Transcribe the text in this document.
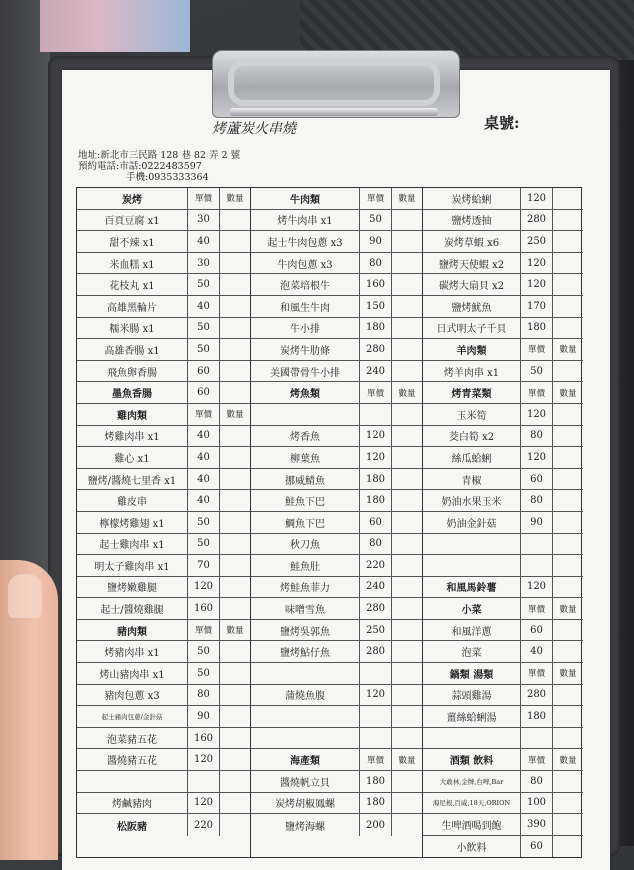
烤蘆炭火串燒	桌號:
地址:新北市三民路 128 巷 82 弄 2 號
預約電話:市話:0222483597
手機:0935333364
炭烤	單價	數量
百頁豆腐 x1	30
甜不辣 x1	40
米血糕 x1	30
花枝丸 x1	50
高雄黑輪片	40
糯米腸 x1	50
高雄香腸 x1	50
飛魚卵香腸	60
墨魚香腸	60
雞肉類	單價	數量
烤雞肉串 x1	40
雞心 x1	40
鹽烤/醬燒七里香 x1	40
雞皮串	40
檸檬烤雞翅 x1	50
起士雞肉串 x1	50
明太子雞肉串 x1	70
鹽烤嫩雞腿	120
起士/醬燒雞腿	160
豬肉類	單價	數量
烤豬肉串 x1	50
烤山豬肉串 x1	50
豬肉包蔥 x3	80
起士豬肉包蔥/金針菇	90
泡菜豬五花	160
醬燒豬五花	120
烤鹹豬肉	120
松阪豬	220
牛肉類	單價	數量
烤牛肉串 x1	50
起士牛肉包蔥 x3	90
牛肉包蔥 x3	80
泡菜培根牛	160
和風生牛肉	150
牛小排	180
炭烤牛肋條	280
美國帶骨牛小排	240
烤魚類	單價	數量
烤香魚	120
柳葉魚	120
挪威鯖魚	180
鮭魚下巴	180
鯛魚下巴	60
秋刀魚	80
鮭魚肚	220
烤鮭魚菲力	240
味噌雪魚	280
鹽烤吳郭魚	250
鹽烤鮎仔魚	280
蒲燒魚腹	120
海產類	單價	數量
醬燒帆立貝	180
炭烤胡椒鳳螺	180
鹽烤海螺	200
炭烤蛤蜊	120
鹽烤透抽	280
炭烤草蝦 x6	250
鹽烤天使蝦 x2	120
碳烤大扇貝 x2	120
鹽烤魷魚	170
日式明太子千貝	180
羊肉類	單價	數量
烤羊肉串 x1	50
烤青菜類	單價	數量
玉米筍	120
茭白筍 x2	80
絲瓜蛤蜊	120
青椒	60
奶油水果玉米	80
奶油金針菇	90
和風馬鈴薯	120
小菜	單價	數量
和風洋蔥	60
泡菜	40
鍋類 湯類	單價	數量
蒜頭雞湯	280
薑絲蛤蜊湯	180
酒類 飲料	單價	數量
大敢林,金牌,台啤,Bar	80
海尼根,百威,18天,ORION	100
生啤酒喝到飽	390
小飲料	60
